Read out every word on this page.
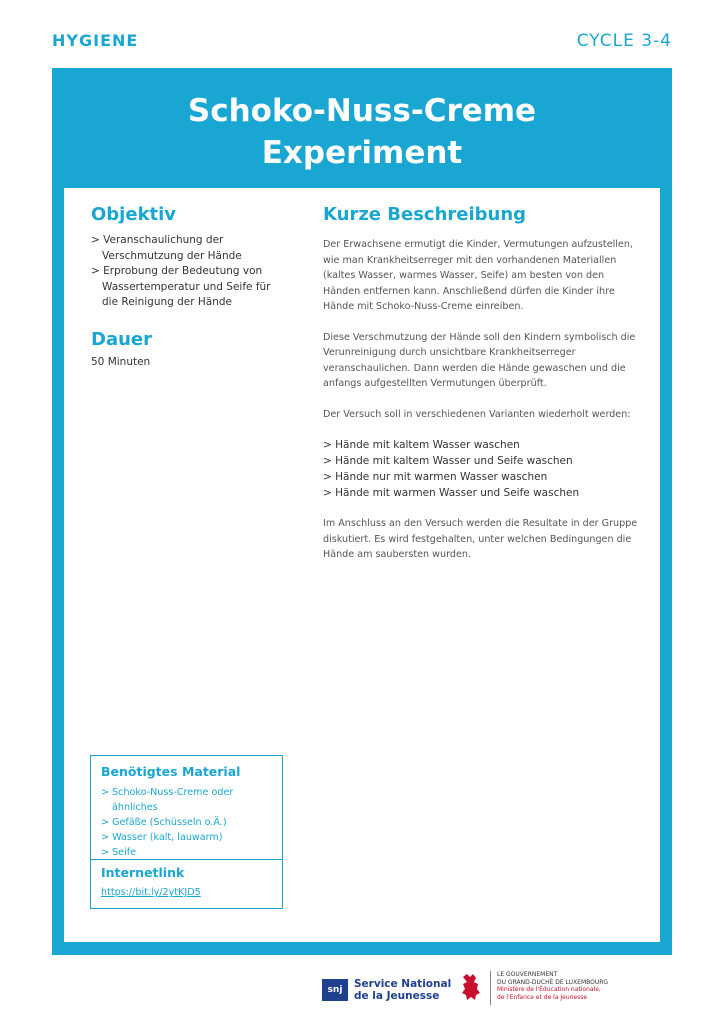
HYGIENE	CYCLE 3-4
Schoko-Nuss-Creme
Experiment
Objektiv
> Veranschaulichung der Verschmutzung der Hände
> Erprobung der Bedeutung von Wassertemperatur und Seife für die Reinigung der Hände
Dauer
50 Minuten
Kurze Beschreibung

Der Erwachsene ermutigt die Kinder, Vermutungen aufzustellen, wie man Krankheitserreger mit den vorhandenen Materiallen (kaltes Wasser, warmes Wasser, Seife) am besten von den Händen entfernen kann. Anschließend dürfen die Kinder ihre Hände mit Schoko-Nuss-Creme einreiben.

Diese Verschmutzung der Hände soll den Kindern symbolisch die Verunreinigung durch unsichtbare Krankheitserreger veranschaulichen. Dann werden die Hände gewaschen und die anfangs aufgestellten Vermutungen überprüft.

Der Versuch soll in verschiedenen Varianten wiederholt werden:

> Hände mit kaltem Wasser waschen
> Hände mit kaltem Wasser und Seife waschen
> Hände nur mit warmen Wasser waschen
> Hände mit warmen Wasser und Seife waschen

Im Anschluss an den Versuch werden die Resultate in der Gruppe diskutiert. Es wird festgehalten, unter welchen Bedingungen die Hände am saubersten wurden.

Benötigtes Material
> Schoko-Nuss-Creme oder ähnliches
> Gefäße (Schüsseln o.Ä.)
> Wasser (kalt, lauwarm)
> Seife
Internetlink
https://bit.ly/2ytKJD5
snj	Service National
de la Jeunesse
LE GOUVERNEMENT
DU GRAND-DUCHÉ DE LUXEMBOURG
Ministère de l'Éducation nationale,
de l'Enfance et de la Jeunesse
